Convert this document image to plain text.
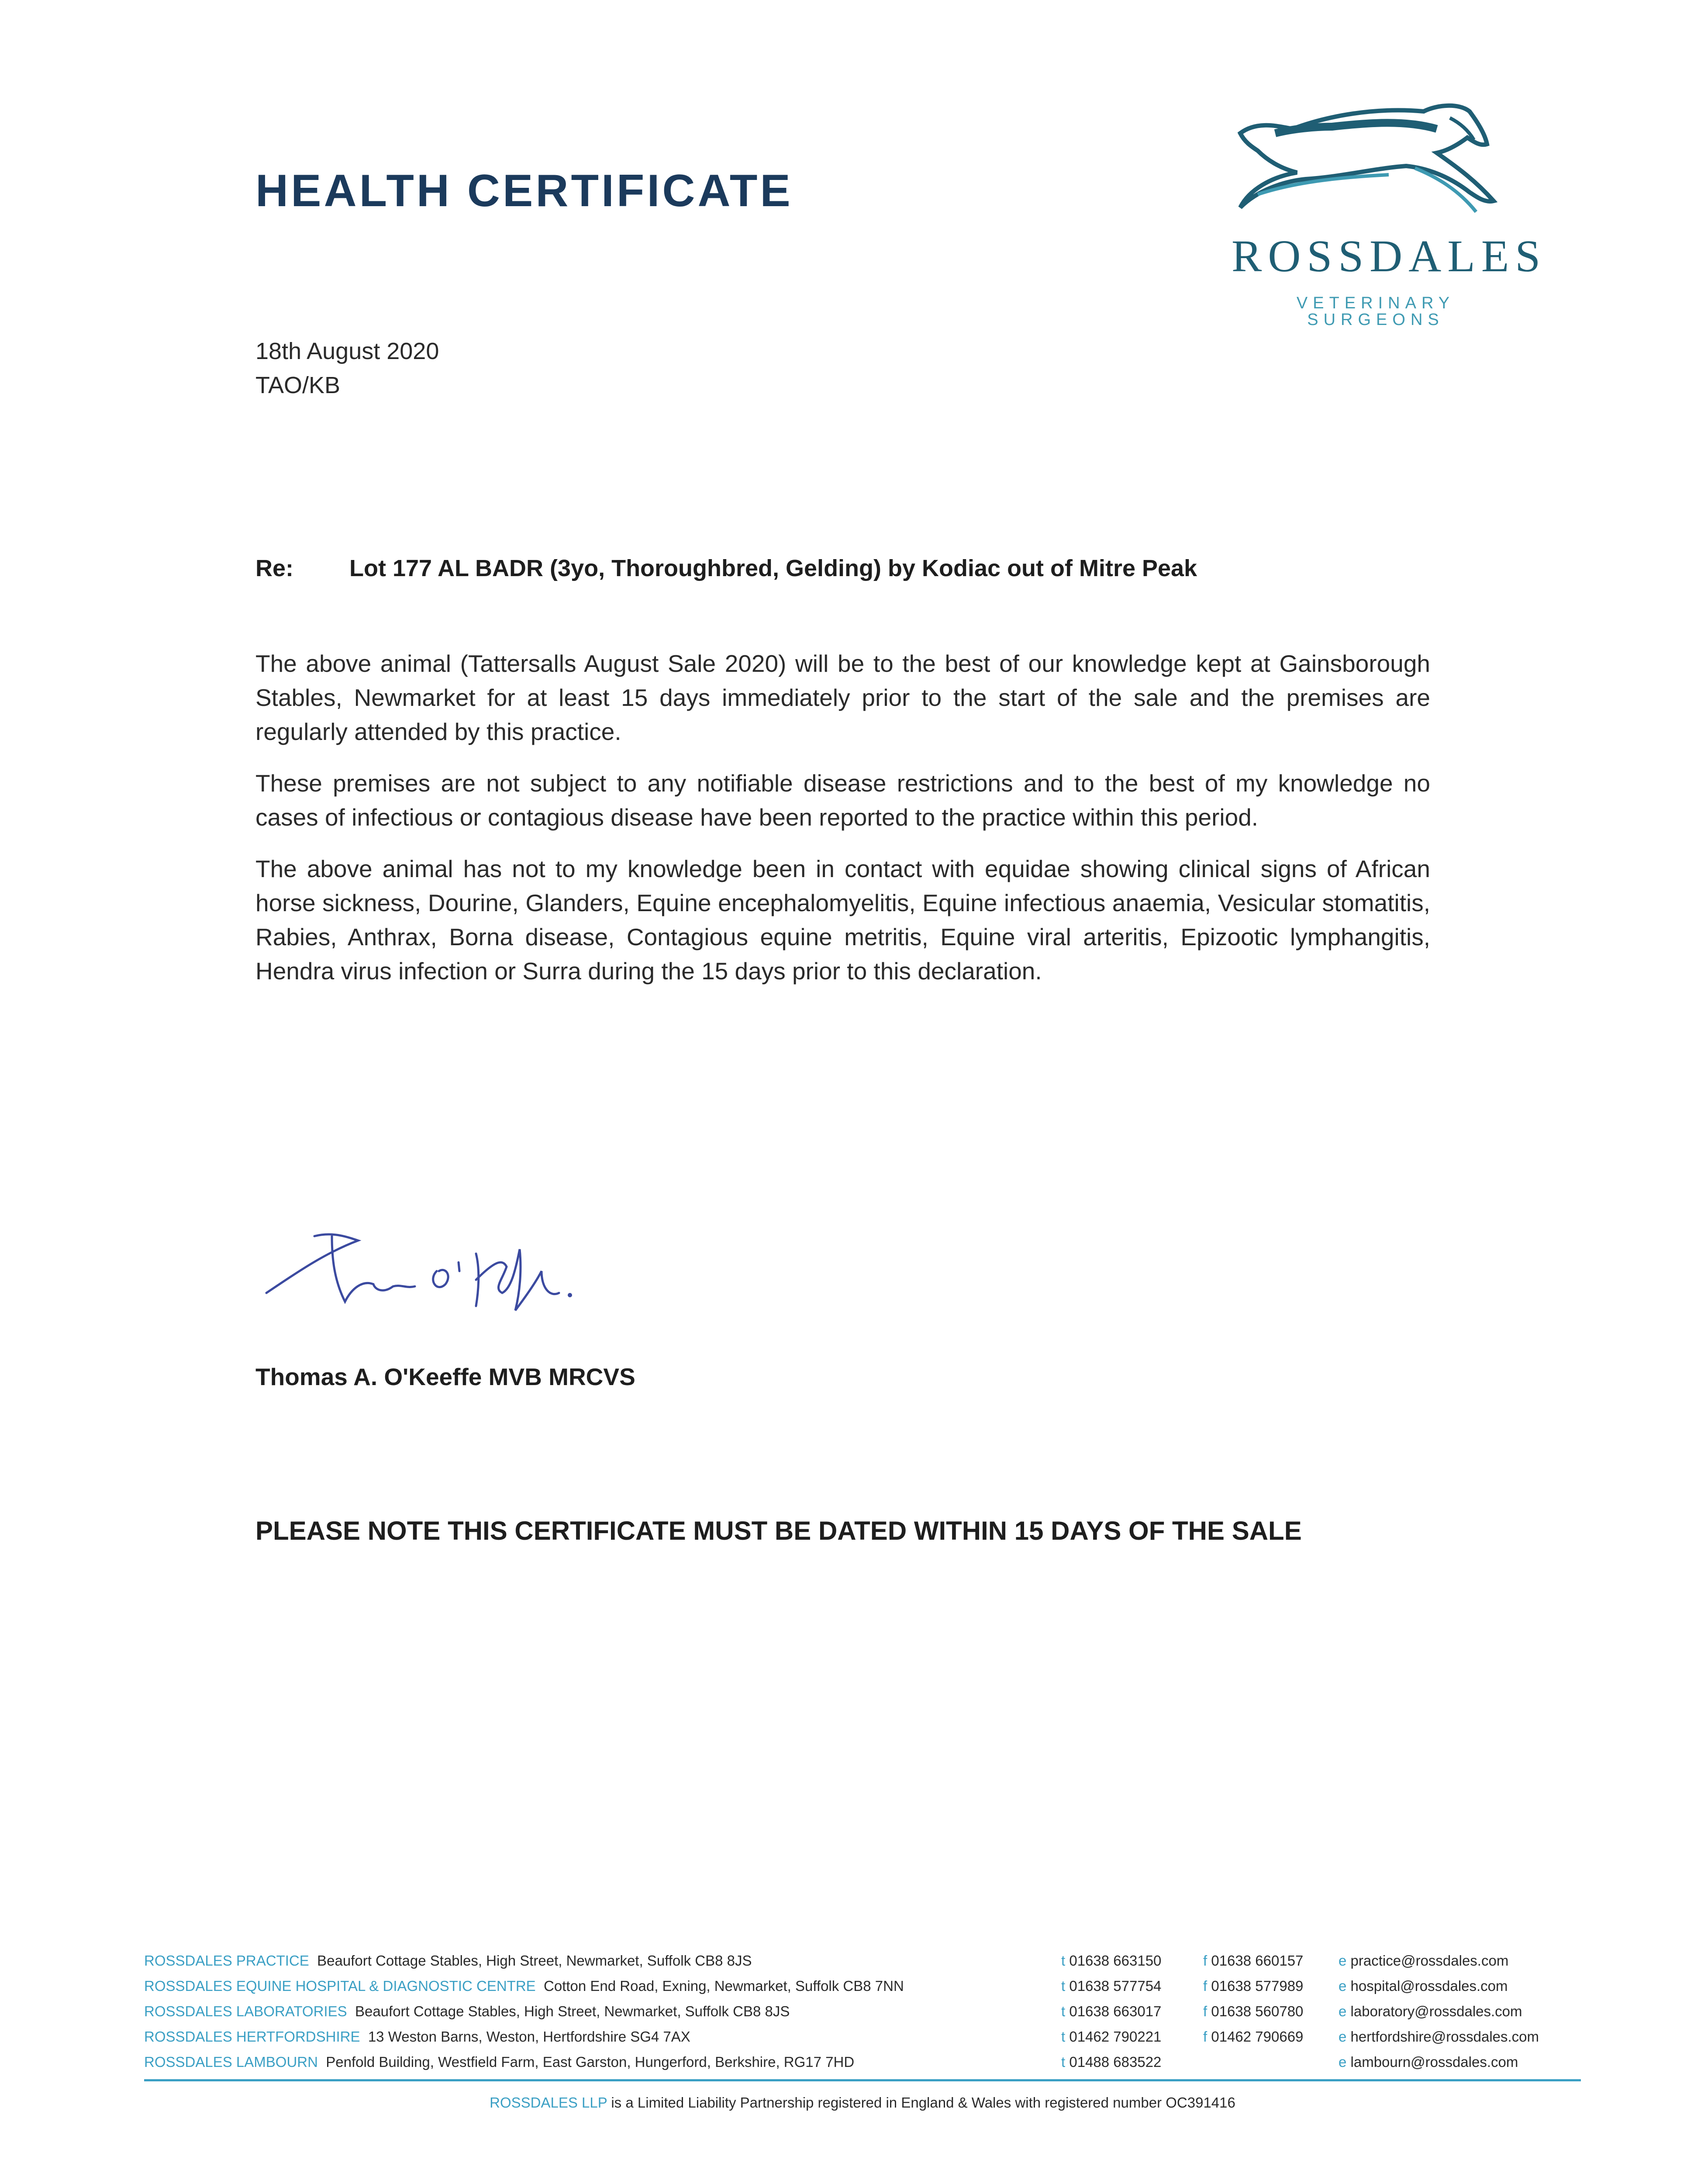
HEALTH CERTIFICATE
ROSSDALES
VETERINARY SURGEONS
18th August 2020
TAO/KB
Re: Lot 177 AL BADR (3yo, Thoroughbred, Gelding) by Kodiac out of Mitre Peak

The above animal (Tattersalls August Sale 2020) will be to the best of our knowledge kept at Gainsborough Stables, Newmarket for at least 15 days immediately prior to the start of the sale and the premises are regularly attended by this practice.

These premises are not subject to any notifiable disease restrictions and to the best of my knowledge no cases of infectious or contagious disease have been reported to the practice within this period.

The above animal has not to my knowledge been in contact with equidae showing clinical signs of African horse sickness, Dourine, Glanders, Equine encephalomyelitis, Equine infectious anaemia, Vesicular stomatitis, Rabies, Anthrax, Borna disease, Contagious equine metritis, Equine viral arteritis, Epizootic lymphangitis, Hendra virus infection or Surra during the 15 days prior to this declaration.

Thomas A. O'Keeffe MVB MRCVS
PLEASE NOTE THIS CERTIFICATE MUST BE DATED WITHIN 15 DAYS OF THE SALE
ROSSDALES PRACTICE Beaufort Cottage Stables, High Street, Newmarket, Suffolk CB8 8JS	t 01638 663150	f 01638 660157 e practice@rossdales.com
ROSSDALES EQUINE HOSPITAL & DIAGNOSTIC CENTRE Cotton End Road, Exning, Newmarket, Suffolk CB8 7NN	t 01638 577754	f 01638 577989 e hospital@rossdales.com
ROSSDALES LABORATORIES Beaufort Cottage Stables, High Street, Newmarket, Suffolk CB8 8JS	t 01638 663017	f 01638 560780 e laboratory@rossdales.com
ROSSDALES HERTFORDSHIRE 13 Weston Barns, Weston, Hertfordshire SG4 7AX	t 01462 790221	f 01462 790669 e hertfordshire@rossdales.com
ROSSDALES LAMBOURN Penfold Building, Westfield Farm, East Garston, Hungerford, Berkshire, RG17 7HD	t 01488 683522	e lambourn@rossdales.com
ROSSDALES LLP is a Limited Liability Partnership registered in England & Wales with registered number OC391416
